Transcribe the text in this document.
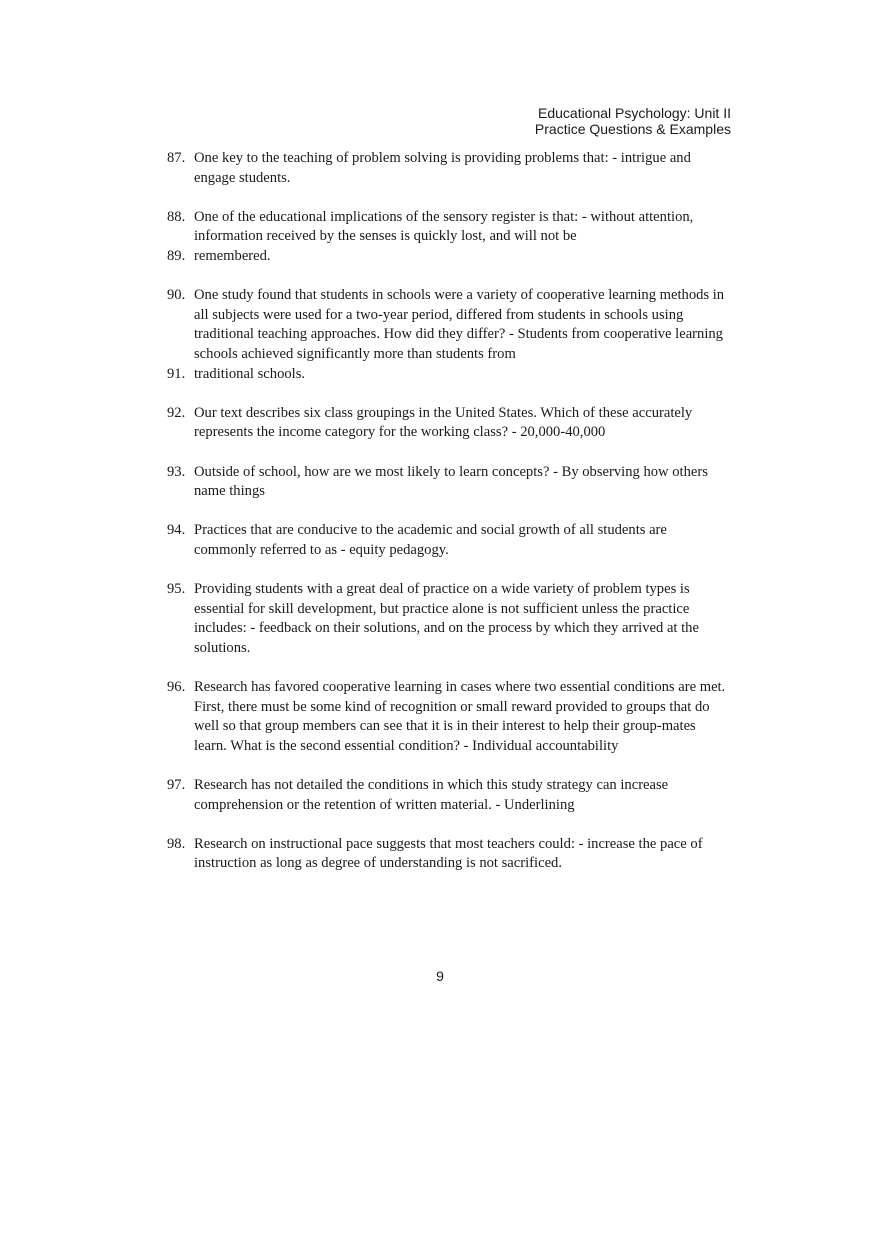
Educational Psychology: Unit II
Practice Questions & Examples
87. One key to the teaching of problem solving is providing problems that: - intrigue and engage students.
88. One of the educational implications of the sensory register is that: - without attention, information received by the senses is quickly lost, and will not be
89. remembered.
90. One study found that students in schools were a variety of cooperative learning methods in all subjects were used for a two-year period, differed from students in schools using traditional teaching approaches. How did they differ? - Students from cooperative learning schools achieved significantly more than students from
91. traditional schools.
92. Our text describes six class groupings in the United States. Which of these accurately represents the income category for the working class? - 20,000-40,000
93. Outside of school, how are we most likely to learn concepts? - By observing how others name things
94. Practices that are conducive to the academic and social growth of all students are commonly referred to as - equity pedagogy.
95. Providing students with a great deal of practice on a wide variety of problem types is essential for skill development, but practice alone is not sufficient unless the practice includes: - feedback on their solutions, and on the process by which they arrived at the solutions.
96. Research has favored cooperative learning in cases where two essential conditions are met. First, there must be some kind of recognition or small reward provided to groups that do well so that group members can see that it is in their interest to help their group-mates learn. What is the second essential condition? - Individual accountability
97. Research has not detailed the conditions in which this study strategy can increase comprehension or the retention of written material. - Underlining
98. Research on instructional pace suggests that most teachers could: - increase the pace of instruction as long as degree of understanding is not sacrificed.
9
